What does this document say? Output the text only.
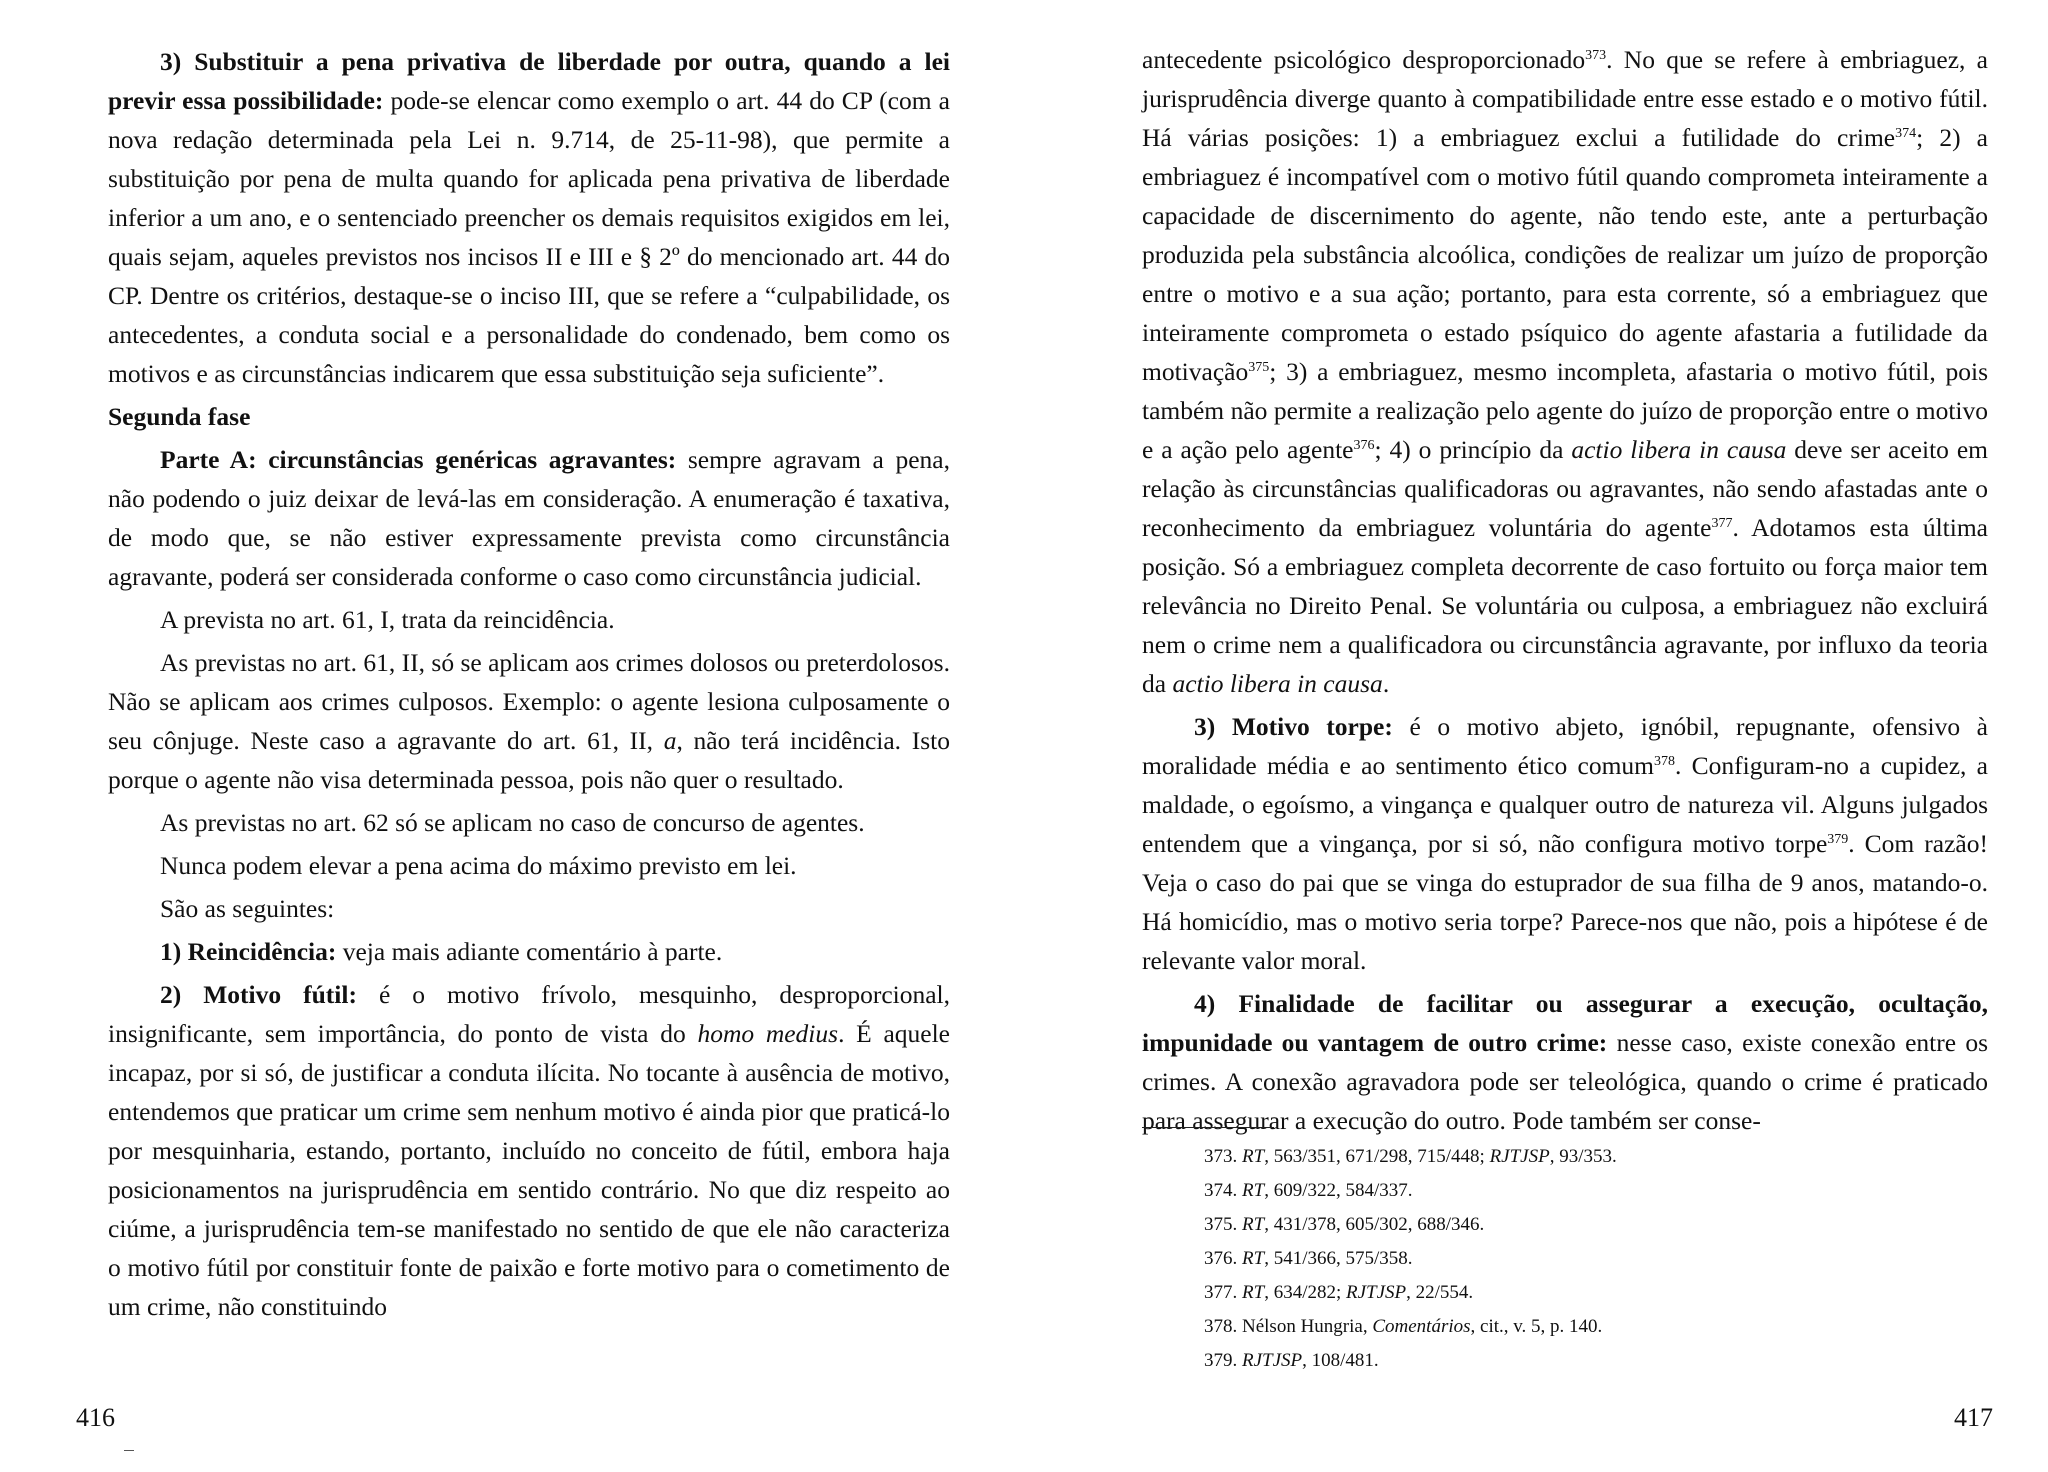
3) Substituir a pena privativa de liberdade por outra, quando a lei previr essa possibilidade: pode-se elencar como exemplo o art. 44 do CP (com a nova redação determinada pela Lei n. 9.714, de 25-11-98), que permite a substituição por pena de multa quando for aplicada pena privativa de liberdade inferior a um ano, e o sentenciado preencher os demais requisitos exigidos em lei, quais sejam, aqueles previstos nos incisos II e III e § 2º do mencionado art. 44 do CP. Dentre os critérios, destaque-se o inciso III, que se refere a “culpabilidade, os antecedentes, a conduta social e a personalidade do condenado, bem como os motivos e as circunstâncias indicarem que essa substituição seja suficiente”.

Segunda fase

Parte A: circunstâncias genéricas agravantes: sempre agravam a pena, não podendo o juiz deixar de levá-las em consideração. A enumeração é taxativa, de modo que, se não estiver expressamente prevista como circunstância agravante, poderá ser considerada conforme o caso como circunstância judicial.

A prevista no art. 61, I, trata da reincidência.

As previstas no art. 61, II, só se aplicam aos crimes dolosos ou preterdolosos. Não se aplicam aos crimes culposos. Exemplo: o agente lesiona culposamente o seu cônjuge. Neste caso a agravante do art. 61, II, a, não terá incidência. Isto porque o agente não visa determinada pessoa, pois não quer o resultado.

As previstas no art. 62 só se aplicam no caso de concurso de agentes.

Nunca podem elevar a pena acima do máximo previsto em lei.

São as seguintes:

1) Reincidência: veja mais adiante comentário à parte.

2) Motivo fútil: é o motivo frívolo, mesquinho, desproporcional, insignificante, sem importância, do ponto de vista do homo medius. É aquele incapaz, por si só, de justificar a conduta ilícita. No tocante à ausência de motivo, entendemos que praticar um crime sem nenhum motivo é ainda pior que praticá-lo por mesquinharia, estando, portanto, incluído no conceito de fútil, embora haja posicionamentos na jurisprudência em sentido contrário. No que diz respeito ao ciúme, a jurisprudência tem-se manifestado no sentido de que ele não caracteriza o motivo fútil por constituir fonte de paixão e forte motivo para o cometimento de um crime, não constituindo

416

antecedente psicológico desproporcionado$^{373}$. No que se refere à embriaguez, a jurisprudência diverge quanto à compatibilidade entre esse estado e o motivo fútil. Há várias posições: 1) a embriaguez exclui a futilidade do crime$^{374}$; 2) a embriaguez é incompatível com o motivo fútil quando comprometa inteiramente a capacidade de discernimento do agente, não tendo este, ante a perturbação produzida pela substância alcoólica, condições de realizar um juízo de proporção entre o motivo e a sua ação; portanto, para esta corrente, só a embriaguez que inteiramente comprometa o estado psíquico do agente afastaria a futilidade da motivação$^{375}$; 3) a embriaguez, mesmo incompleta, afastaria o motivo fútil, pois também não permite a realização pelo agente do juízo de proporção entre o motivo e a ação pelo agente$^{376}$; 4) o princípio da actio libera in causa deve ser aceito em relação às circunstâncias qualificadoras ou agravantes, não sendo afastadas ante o reconhecimento da embriaguez voluntária do agente$^{377}$. Adotamos esta última posição. Só a embriaguez completa decorrente de caso fortuito ou força maior tem relevância no Direito Penal. Se voluntária ou culposa, a embriaguez não excluirá nem o crime nem a qualificadora ou circunstância agravante, por influxo da teoria da actio libera in causa.

3) Motivo torpe: é o motivo abjeto, ignóbil, repugnante, ofensivo à moralidade média e ao sentimento ético comum$^{378}$. Configuram-no a cupidez, a maldade, o egoísmo, a vingança e qualquer outro de natureza vil. Alguns julgados entendem que a vingança, por si só, não configura motivo torpe$^{379}$. Com razão! Veja o caso do pai que se vinga do estuprador de sua filha de 9 anos, matando-o. Há homicídio, mas o motivo seria torpe? Parece-nos que não, pois a hipótese é de relevante valor moral.

4) Finalidade de facilitar ou assegurar a execução, ocultação, impunidade ou vantagem de outro crime: nesse caso, existe conexão entre os crimes. A conexão agravadora pode ser teleológica, quando o crime é praticado para assegurar a execução do outro. Pode também ser conse-

373. RT, 563/351, 671/298, 715/448; RJTJSP, 93/353.
374. RT, 609/322, 584/337.
375. RT, 431/378, 605/302, 688/346.
376. RT, 541/366, 575/358.
377. RT, 634/282; RJTJSP, 22/554.
378. Nélson Hungria, Comentários, cit., v. 5, p. 140.
379. RJTJSP, 108/481.
417
